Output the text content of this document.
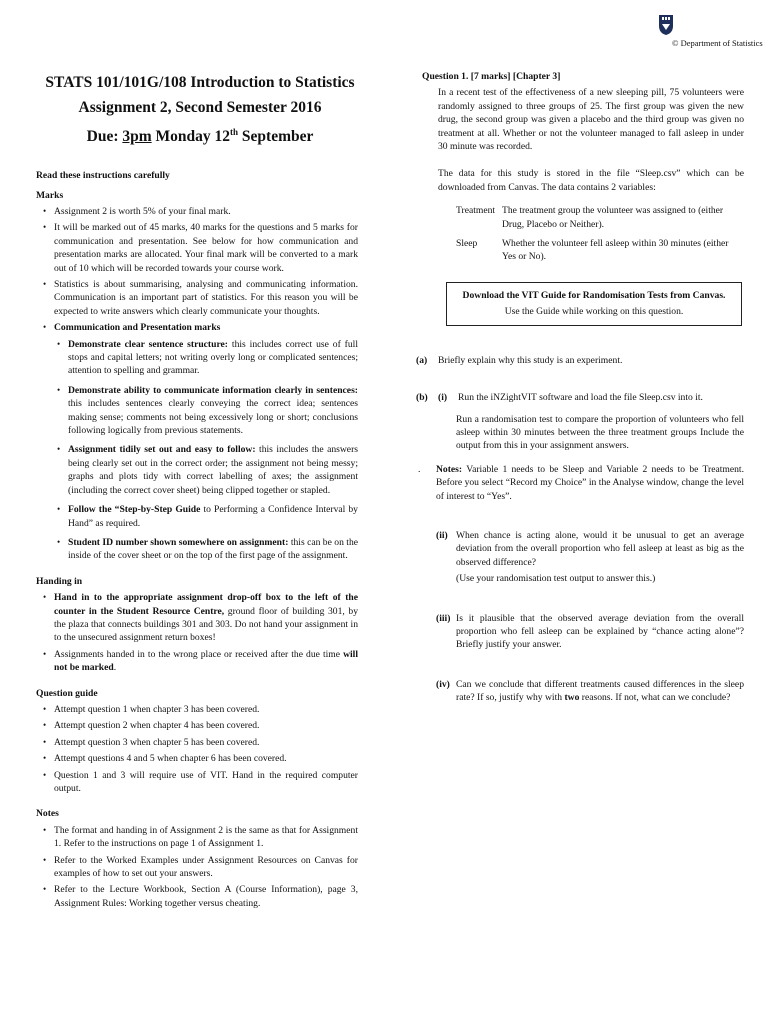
© Department of Statistics
STATS 101/101G/108 Introduction to Statistics
Assignment 2, Second Semester 2016
Due: 3pm Monday 12th September
Read these instructions carefully
Marks
• Assignment 2 is worth 5% of your final mark.
• It will be marked out of 45 marks, 40 marks for the questions and 5 marks for communication and presentation. See below for how communication and presentation marks are allocated. Your final mark will be converted to a mark out of 10 which will be recorded towards your course work.
• Statistics is about summarising, analysing and communicating information. Communication is an important part of statistics. For this reason you will be expected to write answers which clearly communicate your thoughts.
• Communication and Presentation marks
• Demonstrate clear sentence structure: this includes correct use of full stops and capital letters; not writing overly long or complicated sentences; attention to spelling and grammar.
• Demonstrate ability to communicate information clearly in sentences: this includes sentences clearly conveying the correct idea; sentences making sense; comments not being excessively long or short; conclusions following logically from previous statements.
• Assignment tidily set out and easy to follow: this includes the answers being clearly set out in the correct order; the assignment not being messy; graphs and plots tidy with correct labelling of axes; the assignment (including the correct cover sheet) being clipped together or stapled.
• Follow the “Step-by-Step Guide to Performing a Confidence Interval by Hand” as required.
• Student ID number shown somewhere on assignment: this can be on the inside of the cover sheet or on the top of the first page of the assignment.
Handing in
• Hand in to the appropriate assignment drop-off box to the left of the counter in the Student Resource Centre, ground floor of building 301, by the plaza that connects buildings 301 and 303. Do not hand your assignment in to the unsecured assignment return boxes!
• Assignments handed in to the wrong place or received after the due time will not be marked.
Question guide
• Attempt question 1 when chapter 3 has been covered.
• Attempt question 2 when chapter 4 has been covered.
• Attempt question 3 when chapter 5 has been covered.
• Attempt questions 4 and 5 when chapter 6 has been covered.
• Question 1 and 3 will require use of VIT. Hand in the required computer output.
Notes
• The format and handing in of Assignment 2 is the same as that for Assignment 1. Refer to the instructions on page 1 of Assignment 1.
• Refer to the Worked Examples under Assignment Resources on Canvas for examples of how to set out your answers.
• Refer to the Lecture Workbook, Section A (Course Information), page 3, Assignment Rules: Working together versus cheating.
Question 1. [7 marks] [Chapter 3]
In a recent test of the effectiveness of a new sleeping pill, 75 volunteers were randomly assigned to three groups of 25. The first group was given the new drug, the second group was given a placebo and the third group was given no treatment at all. Whether or not the volunteer managed to fall asleep in under 30 minute was recorded.
The data for this study is stored in the file “Sleep.csv” which can be downloaded from Canvas. The data contains 2 variables:
Treatment The treatment group the volunteer was assigned to (either Drug, Placebo or Neither).
Sleep	Whether the volunteer fell asleep within 30 minutes (either Yes or No).
Download the VIT Guide for Randomisation Tests from Canvas.
Use the Guide while working on this question.
(a)	Briefly explain why this study is an experiment.
(b)	(i)	Run the iNZightVIT software and load the file Sleep.csv into it.
Run a randomisation test to compare the proportion of volunteers who fell asleep within 30 minutes between the three treatment groups Include the output from this in your assignment answers.
.	Notes: Variable 1 needs to be Sleep and Variable 2 needs to be Treatment. Before you select “Record my Choice” in the Analyse window, change the level of interest to “Yes”.
(ii) When chance is acting alone, would it be unusual to get an average deviation from the overall proportion who fell asleep at least as big as the observed difference?
(Use your randomisation test output to answer this.)
(iii) Is it plausible that the observed average deviation from the overall proportion who fell asleep can be explained by “chance acting alone”? Briefly justify your answer.
(iv) Can we conclude that different treatments caused differences in the sleep rate? If so, justify why with two reasons. If not, what can we conclude?
